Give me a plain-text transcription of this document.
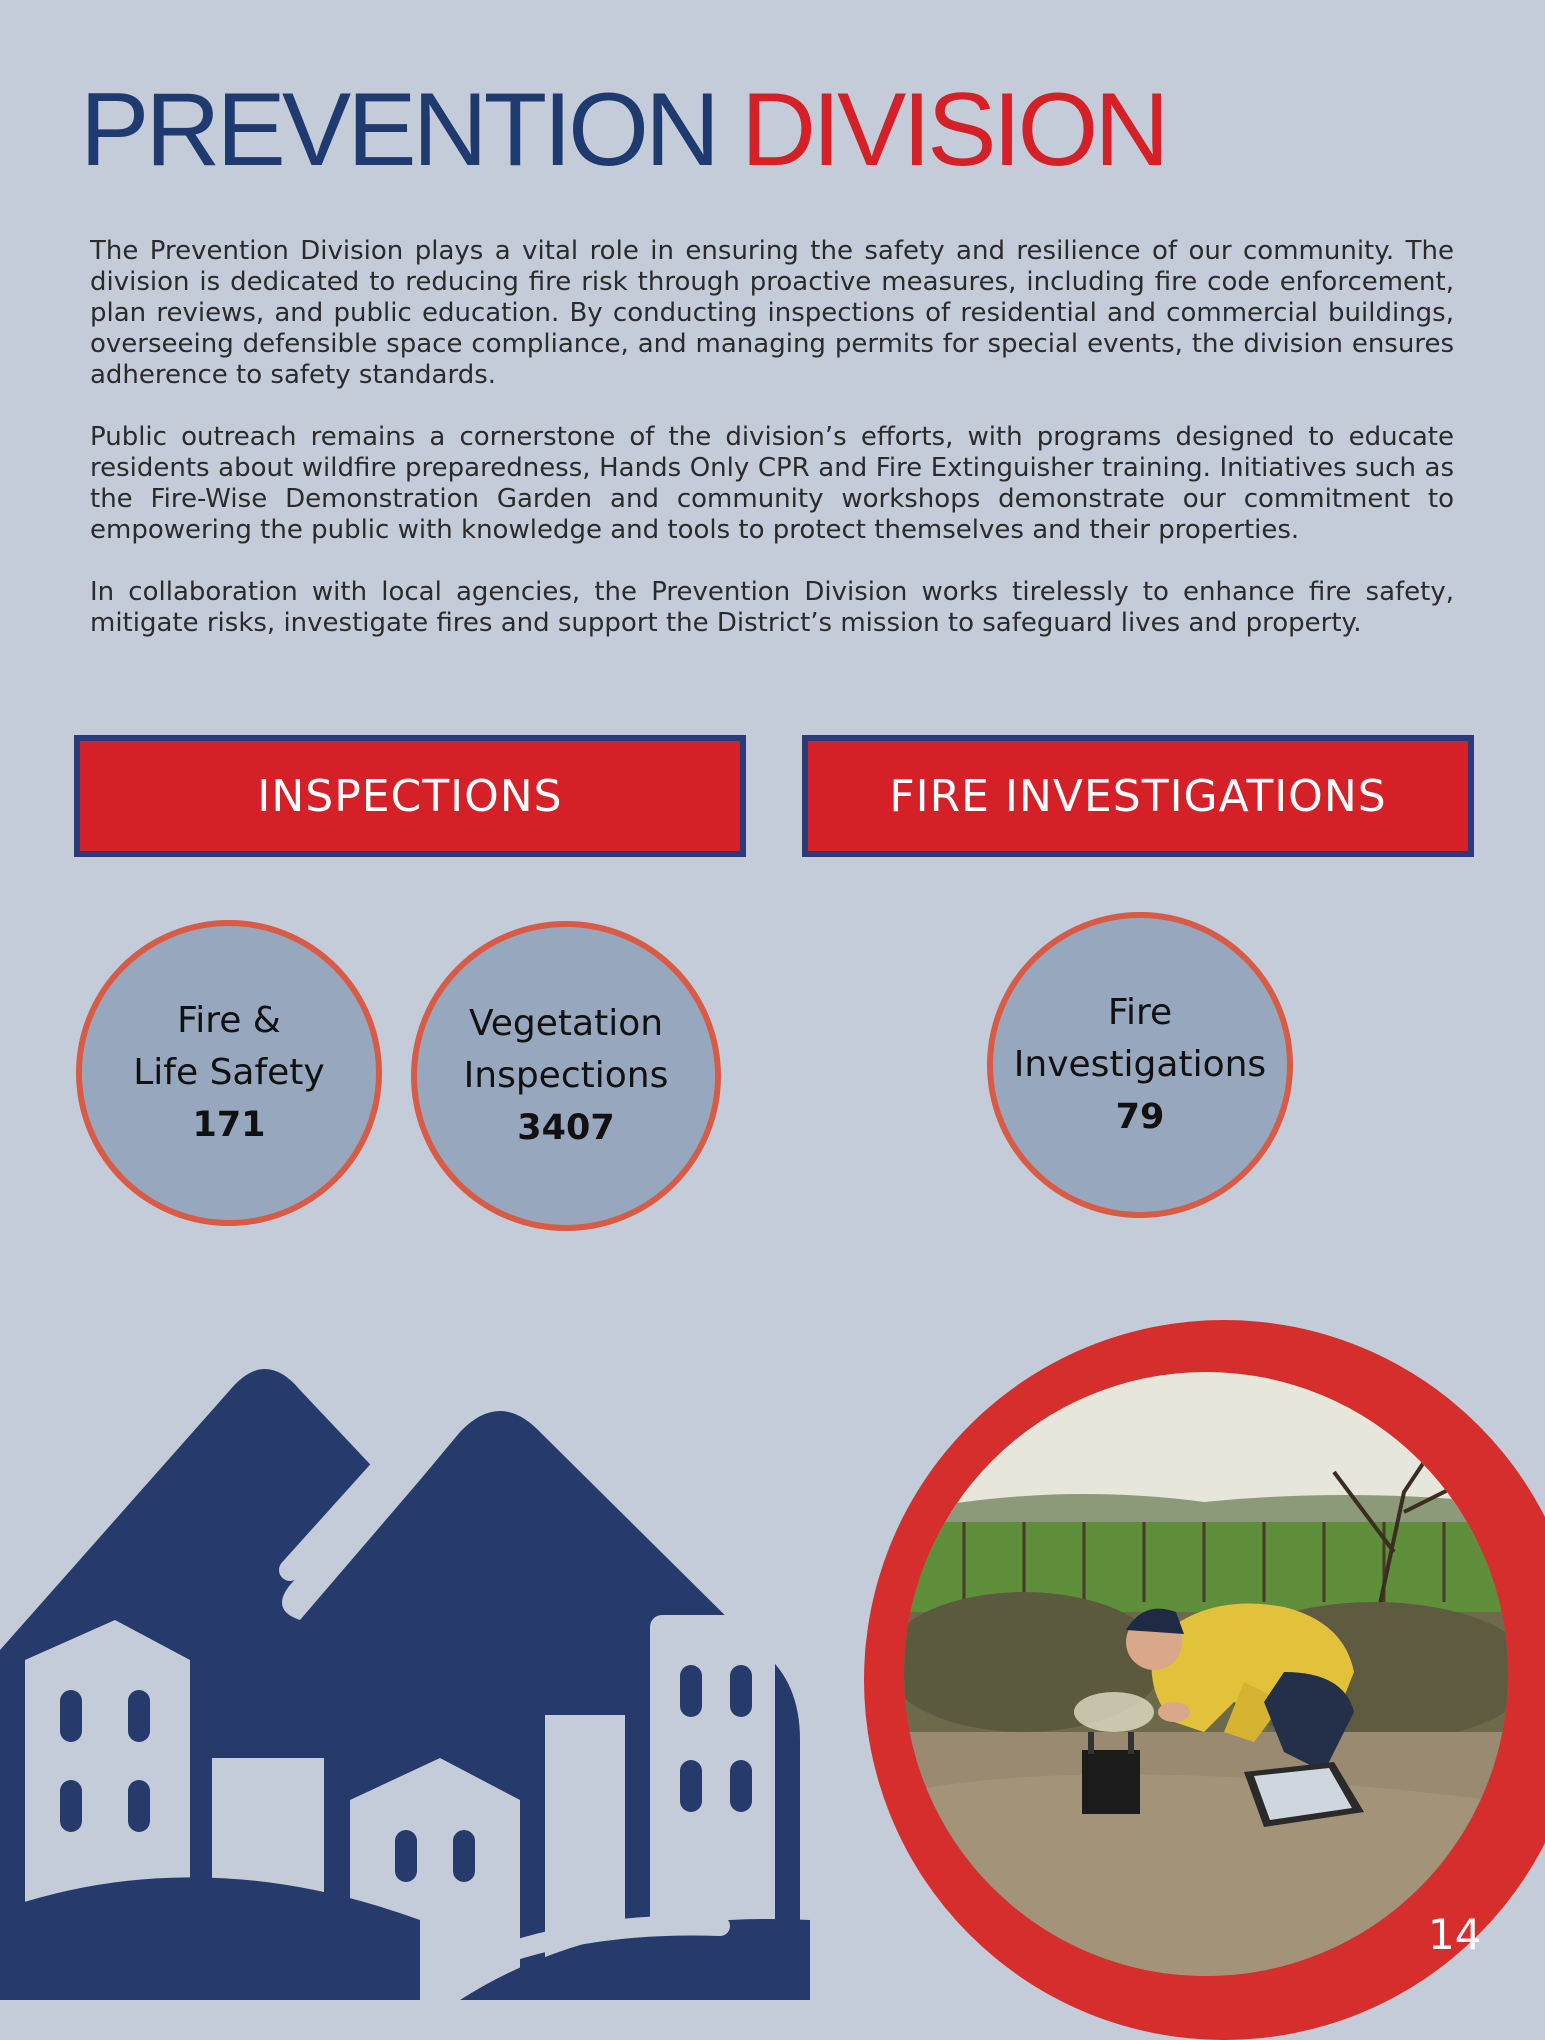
PREVENTION DIVISION

The Prevention Division plays a vital role in ensuring the safety and resilience of our community. The division is dedicated to reducing fire risk through proactive measures, including fire code enforcement, plan reviews, and public education. By conducting inspections of residential and commercial buildings, overseeing defensible space compliance, and managing permits for special events, the division ensures adherence to safety standards.

Public outreach remains a cornerstone of the division’s efforts, with programs designed to educate residents about wildfire preparedness, Hands Only CPR and Fire Extinguisher training. Initiatives such as the Fire-Wise Demonstration Garden and community workshops demonstrate our commitment to empowering the public with knowledge and tools to protect themselves and their properties.

In collaboration with local agencies, the Prevention Division works tirelessly to enhance fire safety, mitigate risks, investigate fires and support the District’s mission to safeguard lives and property.

INSPECTIONS	FIRE INVESTIGATIONS
Fire &
Life Safety
171
Vegetation
Inspections
3407
Fire
Investigations
79
14
